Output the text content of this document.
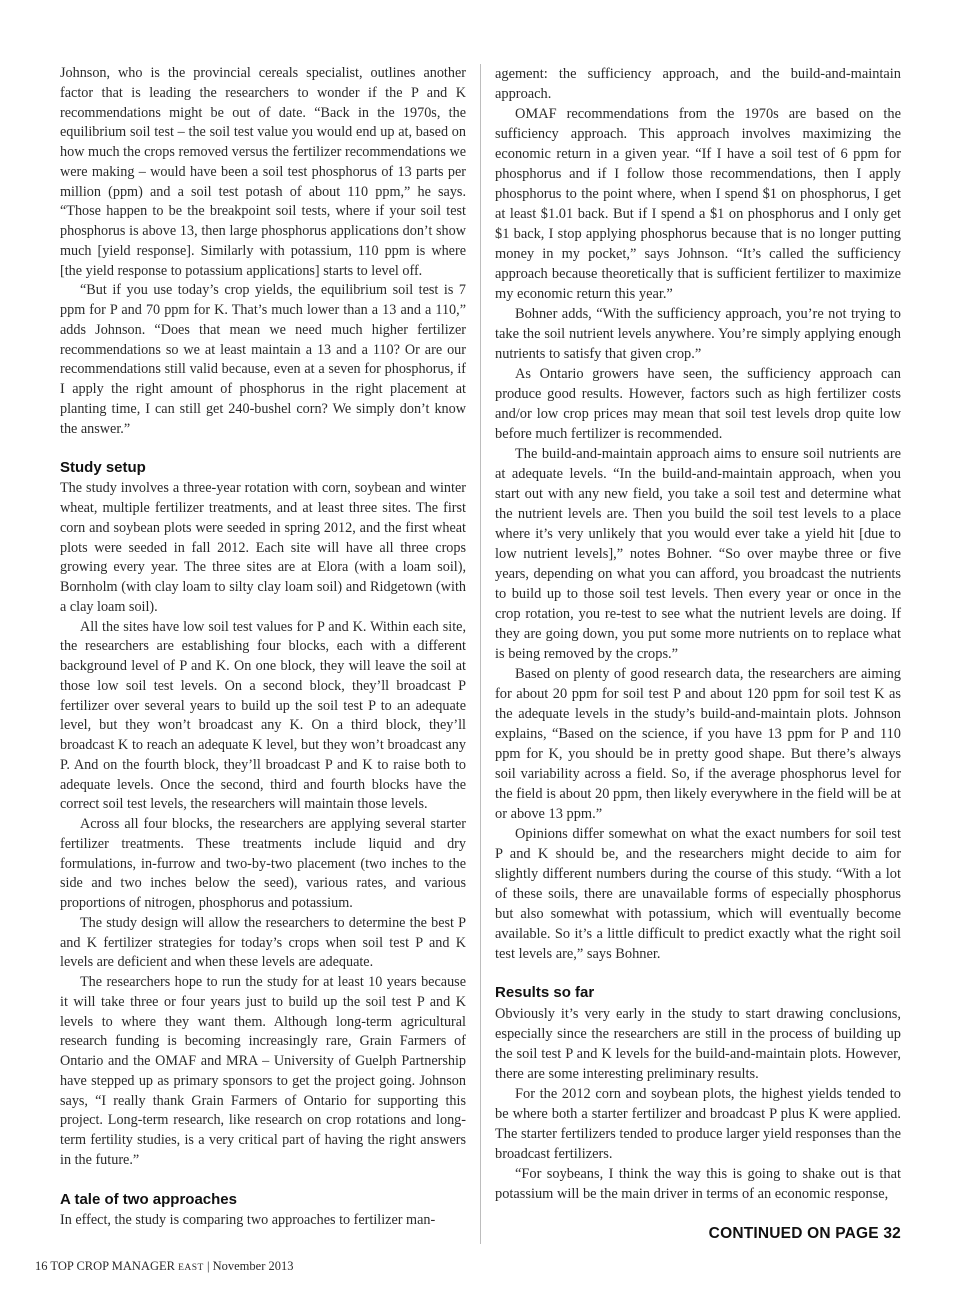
Johnson, who is the provincial cereals specialist, outlines another factor that is leading the researchers to wonder if the P and K recommendations might be out of date. “Back in the 1970s, the equilibrium soil test – the soil test value you would end up at, based on how much the crops removed versus the fertilizer recommendations we were making – would have been a soil test phosphorus of 13 parts per million (ppm) and a soil test potash of about 110 ppm,” he says. “Those happen to be the breakpoint soil tests, where if your soil test phosphorus is above 13, then large phosphorus applications don’t show much [yield response]. Similarly with potassium, 110 ppm is where [the yield response to potassium applications] starts to level off.

“But if you use today’s crop yields, the equilibrium soil test is 7 ppm for P and 70 ppm for K. That’s much lower than a 13 and a 110,” adds Johnson. “Does that mean we need much higher fertilizer recommendations so we at least maintain a 13 and a 110? Or are our recommendations still valid because, even at a seven for phosphorus, if I apply the right amount of phosphorus in the right placement at planting time, I can still get 240-bushel corn? We simply don’t know the answer.”

Study setup

The study involves a three-year rotation with corn, soybean and winter wheat, multiple fertilizer treatments, and at least three sites. The first corn and soybean plots were seeded in spring 2012, and the first wheat plots were seeded in fall 2012. Each site will have all three crops growing every year. The three sites are at Elora (with a loam soil), Bornholm (with clay loam to silty clay loam soil) and Ridgetown (with a clay loam soil).

All the sites have low soil test values for P and K. Within each site, the researchers are establishing four blocks, each with a different background level of P and K. On one block, they will leave the soil at those low soil test levels. On a second block, they’ll broadcast P fertilizer over several years to build up the soil test P to an adequate level, but they won’t broadcast any K. On a third block, they’ll broadcast K to reach an adequate K level, but they won’t broadcast any P. And on the fourth block, they’ll broadcast P and K to raise both to adequate levels. Once the second, third and fourth blocks have the correct soil test levels, the researchers will maintain those levels.

Across all four blocks, the researchers are applying several starter fertilizer treatments. These treatments include liquid and dry formulations, in-furrow and two-by-two placement (two inches to the side and two inches below the seed), various rates, and various proportions of nitrogen, phosphorus and potassium.

The study design will allow the researchers to determine the best P and K fertilizer strategies for today’s crops when soil test P and K levels are deficient and when these levels are adequate.

The researchers hope to run the study for at least 10 years because it will take three or four years just to build up the soil test P and K levels to where they want them. Although long-term agricultural research funding is becoming increasingly rare, Grain Farmers of Ontario and the OMAF and MRA – University of Guelph Partnership have stepped up as primary sponsors to get the project going. Johnson says, “I really thank Grain Farmers of Ontario for supporting this project. Long-term research, like research on crop rotations and long-term fertility studies, is a very critical part of having the right answers in the future.”

A tale of two approaches

In effect, the study is comparing two approaches to fertilizer man-

agement: the sufficiency approach, and the build-and-maintain approach.

OMAF recommendations from the 1970s are based on the sufficiency approach. This approach involves maximizing the economic return in a given year. “If I have a soil test of 6 ppm for phosphorus and if I follow those recommendations, then I apply phosphorus to the point where, when I spend $1 on phosphorus, I get at least $1.01 back. But if I spend a $1 on phosphorus and I only get $1 back, I stop applying phosphorus because that is no longer putting money in my pocket,” says Johnson. “It’s called the sufficiency approach because theoretically that is sufficient fertilizer to maximize my economic return this year.”

Bohner adds, “With the sufficiency approach, you’re not trying to take the soil nutrient levels anywhere. You’re simply applying enough nutrients to satisfy that given crop.”

As Ontario growers have seen, the sufficiency approach can produce good results. However, factors such as high fertilizer costs and/or low crop prices may mean that soil test levels drop quite low before much fertilizer is recommended.

The build-and-maintain approach aims to ensure soil nutrients are at adequate levels. “In the build-and-maintain approach, when you start out with any new field, you take a soil test and determine what the nutrient levels are. Then you build the soil test levels to a place where it’s very unlikely that you would ever take a yield hit [due to low nutrient levels],” notes Bohner. “So over maybe three or five years, depending on what you can afford, you broadcast the nutrients to build up to those soil test levels. Then every year or once in the crop rotation, you re-test to see what the nutrient levels are doing. If they are going down, you put some more nutrients on to replace what is being removed by the crops.”

Based on plenty of good research data, the researchers are aiming for about 20 ppm for soil test P and about 120 ppm for soil test K as the adequate levels in the study’s build-and-maintain plots. Johnson explains, “Based on the science, if you have 13 ppm for P and 110 ppm for K, you should be in pretty good shape. But there’s always soil variability across a field. So, if the average phosphorus level for the field is about 20 ppm, then likely everywhere in the field will be at or above 13 ppm.”

Opinions differ somewhat on what the exact numbers for soil test P and K should be, and the researchers might decide to aim for slightly different numbers during the course of this study. “With a lot of these soils, there are unavailable forms of especially phosphorus but also somewhat with potassium, which will eventually become available. So it’s a little difficult to predict exactly what the right soil test levels are,” says Bohner.

Results so far

Obviously it’s very early in the study to start drawing conclusions, especially since the researchers are still in the process of building up the soil test P and K levels for the build-and-maintain plots. However, there are some interesting preliminary results.

For the 2012 corn and soybean plots, the highest yields tended to be where both a starter fertilizer and broadcast P plus K were applied. The starter fertilizers tended to produce larger yield responses than the broadcast fertilizers.

“For soybeans, I think the way this is going to shake out is that potassium will be the main driver in terms of an economic response,

CONTINUED ON PAGE 32
16 TOP CROP MANAGER EAST | November 2013
